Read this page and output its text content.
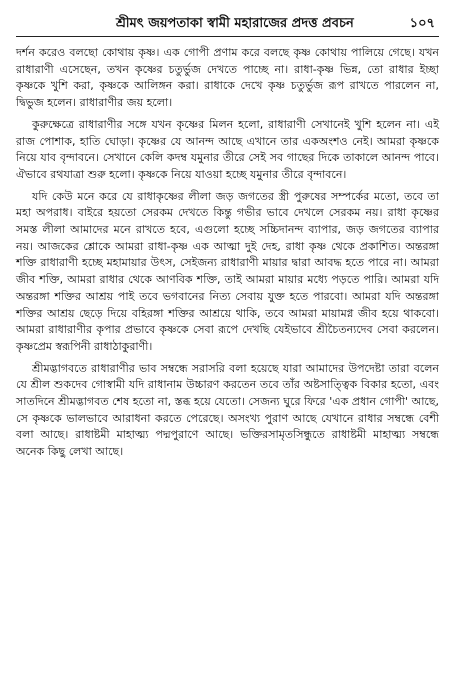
শ্রীমৎ জয়পতাকা স্বামী মহারাজের প্রদত্ত প্রবচন	১০৭

দর্শন করেও বলছো কোথায় কৃষ্ণ। এক গোপী প্রণাম করে বলছে কৃষ্ণ কোথায় পালিয়ে গেছে। যখন রাধারাণী এসেছেন, তখন কৃষ্ণের চতুর্ভুজ দেখতে পাচ্ছে না। রাধা-কৃষ্ণ ভিন্ন, তো রাধার ইচ্ছা কৃষ্ণকে খুশি করা, কৃষ্ণকে আলিঙ্গন করা। রাধাকে দেখে কৃষ্ণ চতুর্ভুজ রূপ রাখতে পারলেন না, দ্বিভুজ হলেন। রাধারাণীর জয় হলো।

কুরুক্ষেত্রে রাধারাণীর সঙ্গে যখন কৃষ্ণের মিলন হলো, রাধারাণী সেখানেই খুশি হলেন না। এই রাজ পোশাক, হাতি ঘোড়া। কৃষ্ণের যে আনন্দ আছে এখানে তার একঅংশও নেই। আমরা কৃষ্ণকে নিয়ে যাব বৃন্দাবনে। সেখানে কেলি কদম্ব যমুনার তীরে সেই সব গাছের দিকে তাকালে আনন্দ পাবে। ঐভাবে রথযাত্রা শুরু হলো। কৃষ্ণকে নিয়ে যাওয়া হচ্ছে যমুনার তীরে বৃন্দাবনে।

যদি কেউ মনে করে যে রাধাকৃষ্ণের লীলা জড় জগতের স্ত্রী পুরুষের সম্পর্কের মতো, তবে তা মহা অপরাধ। বাইরে হয়তো সেরকম দেখতে কিন্তু গভীর ভাবে দেখলে সেরকম নয়। রাধা কৃষ্ণের সমস্ত লীলা আমাদের মনে রাখতে হবে, এগুলো হচ্ছে সচ্চিদানন্দ ব্যাপার, জড় জগতের ব্যাপার নয়। আজকের শ্লোকে আমরা রাধা-কৃষ্ণ এক আত্মা দুই দেহ, রাধা কৃষ্ণ থেকে প্রকাশিত। অন্তরঙ্গা শক্তি রাধারাণী হচ্ছে মহামায়ার উৎস, সেইজন্য রাধারাণী মায়ার দ্বারা আবদ্ধ হতে পারে না। আমরা জীব শক্তি, আমরা রাধার থেকে আণবিক শক্তি, তাই আমরা মায়ার মধ্যে পড়তে পারি। আমরা যদি অন্তরঙ্গা শক্তির আশ্রয় পাই তবে ভগবানের নিত্য সেবায় যুক্ত হতে পারবো। আমরা যদি অন্তরঙ্গা শক্তির আশ্রয় ছেড়ে দিয়ে বহিরঙ্গা শক্তির আশ্রয়ে থাকি, তবে আমরা মায়ামগ্ন জীব হয়ে থাকবো। আমরা রাধারাণীর কৃপার প্রভাবে কৃষ্ণকে সেবা রূপে দেখছি যেইভাবে শ্রীচৈতন্যদেব সেবা করলেন। কৃষ্ণপ্রেম স্বরূপিনী রাধাঠাকুরাণী।

শ্রীমদ্ভাগবতে রাধারাণীর ভাব সম্বন্ধে সরাসরি বলা হয়েছে যারা আমাদের উপদেষ্টা তারা বলেন যে শ্রীল শুকদেব গোস্বামী যদি রাধানাম উচ্চারণ করতেন তবে তাঁর অষ্টসাত্ত্বিক বিকার হতো, এবং সাতদিনে শ্রীমদ্ভাগবত শেষ হতো না, স্তব্ধ হয়ে যেতো। সেজন্য ঘুরে ফিরে 'এক প্রধান গোপী' আছে, সে কৃষ্ণকে ভালভাবে আরাধনা করতে পেরেছে। অসংখ্য পুরাণ আছে যেখানে রাধার সম্বন্ধে বেশী বলা আছে। রাধাষ্টমী মাহাত্ম্য পদ্মপুরাণে আছে। ভক্তিরসামৃতসিন্ধুতে রাধাষ্টমী মাহাত্ম্য সম্বন্ধে অনেক কিছু লেখা আছে।
